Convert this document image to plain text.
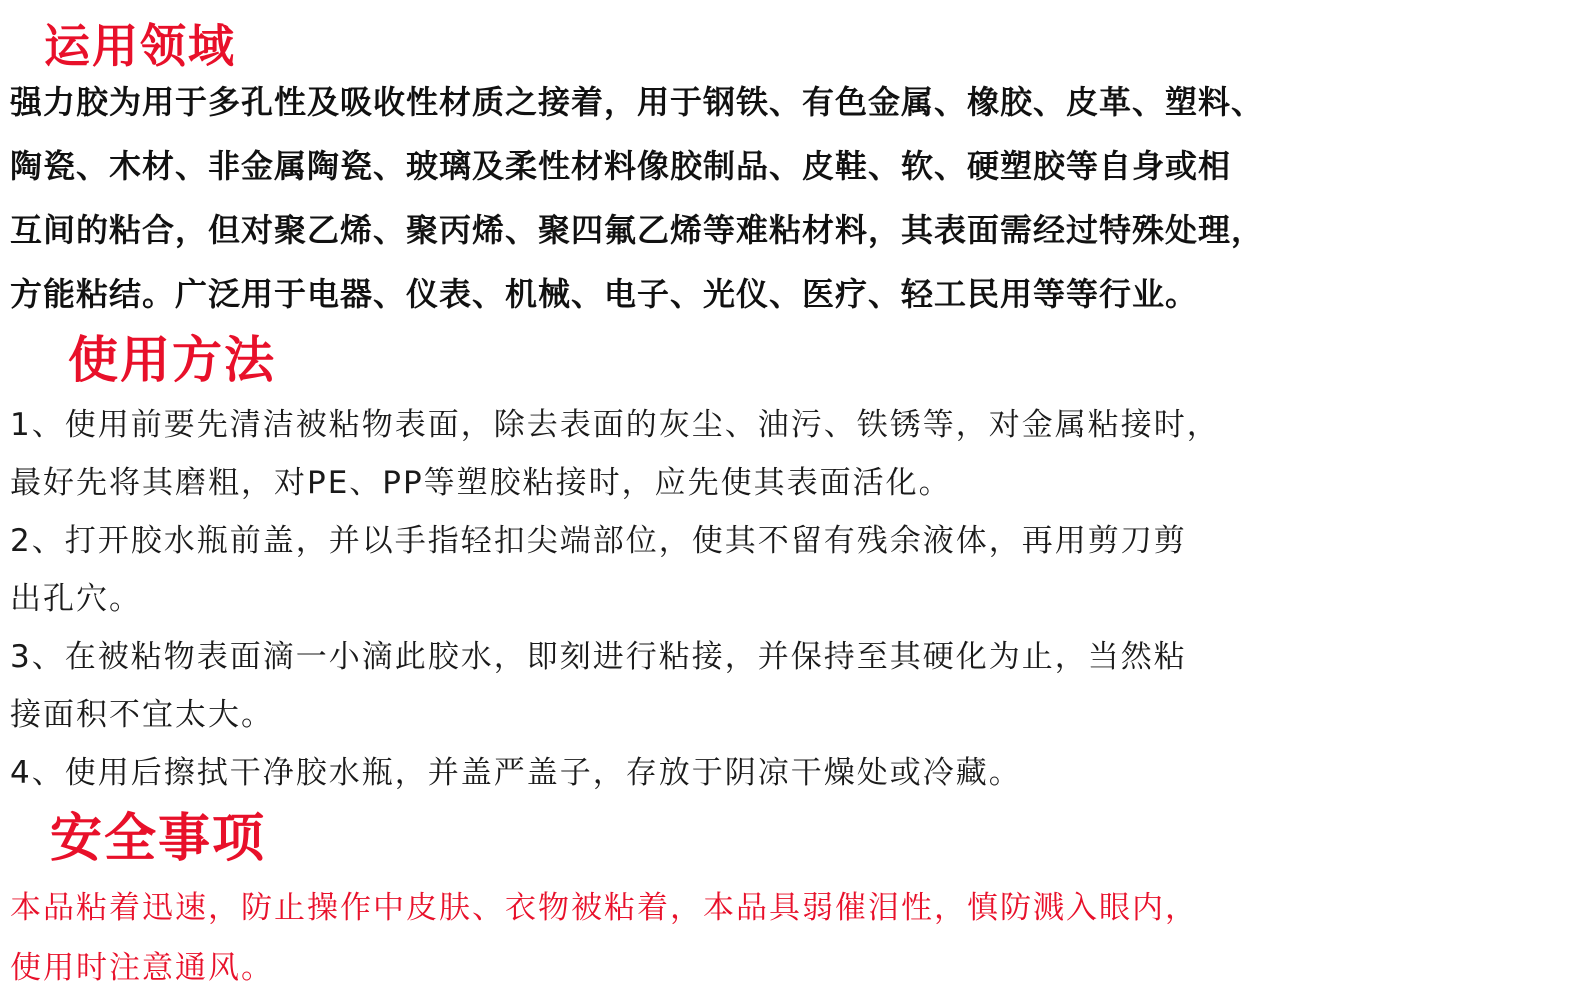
运用领域

强力胶为用于多孔性及吸收性材质之接着，用于钢铁、有色金属、橡胶、皮革、塑料、
陶瓷、木材、非金属陶瓷、玻璃及柔性材料像胶制品、皮鞋、软、硬塑胶等自身或相
互间的粘合，但对聚乙烯、聚丙烯、聚四氟乙烯等难粘材料，其表面需经过特殊处理，
方能粘结。广泛用于电器、仪表、机械、电子、光仪、医疗、轻工民用等等行业。

使用方法

1、使用前要先清洁被粘物表面，除去表面的灰尘、油污、铁锈等，对金属粘接时，
最好先将其磨粗，对PE、PP等塑胶粘接时，应先使其表面活化。

2、打开胶水瓶前盖，并以手指轻扣尖端部位，使其不留有残余液体，再用剪刀剪
出孔穴。

3、在被粘物表面滴一小滴此胶水，即刻进行粘接，并保持至其硬化为止，当然粘
接面积不宜太大。

4、使用后擦拭干净胶水瓶，并盖严盖子，存放于阴凉干燥处或冷藏。

安全事项

本品粘着迅速，防止操作中皮肤、衣物被粘着，本品具弱催泪性，慎防溅入眼内，
使用时注意通风。
